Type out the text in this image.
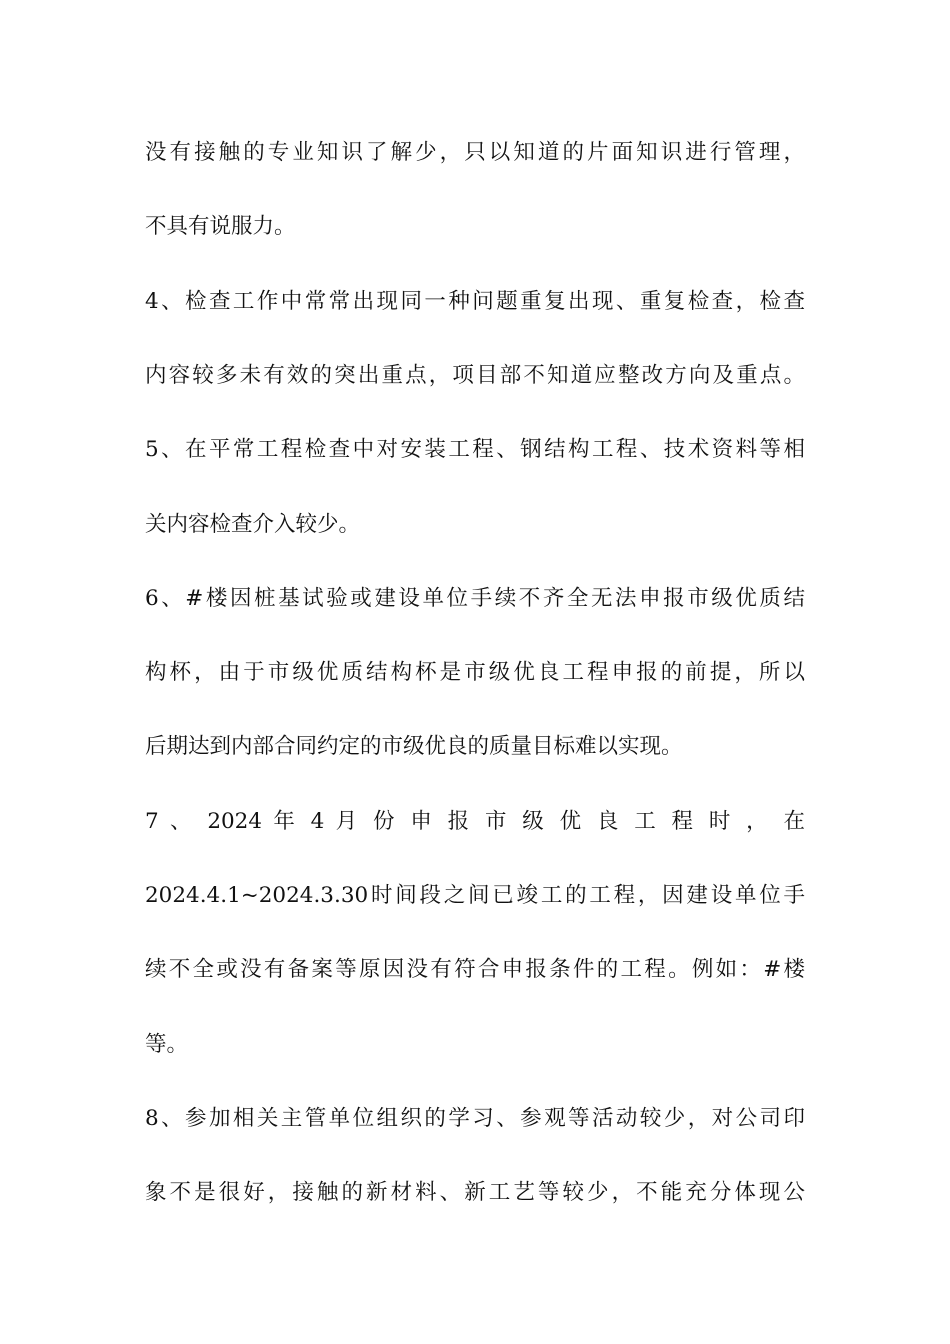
没有接触的专业知识了解少，只以知道的片面知识进行管理，
不具有说服力。
4、检查工作中常常出现同一种问题重复出现、重复检查，检查
内容较多未有效的突出重点，项目部不知道应整改方向及重点。
5、在平常工程检查中对安装工程、钢结构工程、技术资料等相
关内容检查介入较少。
6、#楼因桩基试验或建设单位手续不齐全无法申报市级优质结
构杯，由于市级优质结构杯是市级优良工程申报的前提，所以
后期达到内部合同约定的市级优良的质量目标难以实现。
7 、 2024 年 4 月 份 申 报 市 级 优 良 工 程 时 ， 在
2024.4.1~2024.3.30时间段之间已竣工的工程，因建设单位手
续不全或没有备案等原因没有符合申报条件的工程。例如：#楼
等。
8、参加相关主管单位组织的学习、参观等活动较少，对公司印
象不是很好，接触的新材料、新工艺等较少，不能充分体现公
